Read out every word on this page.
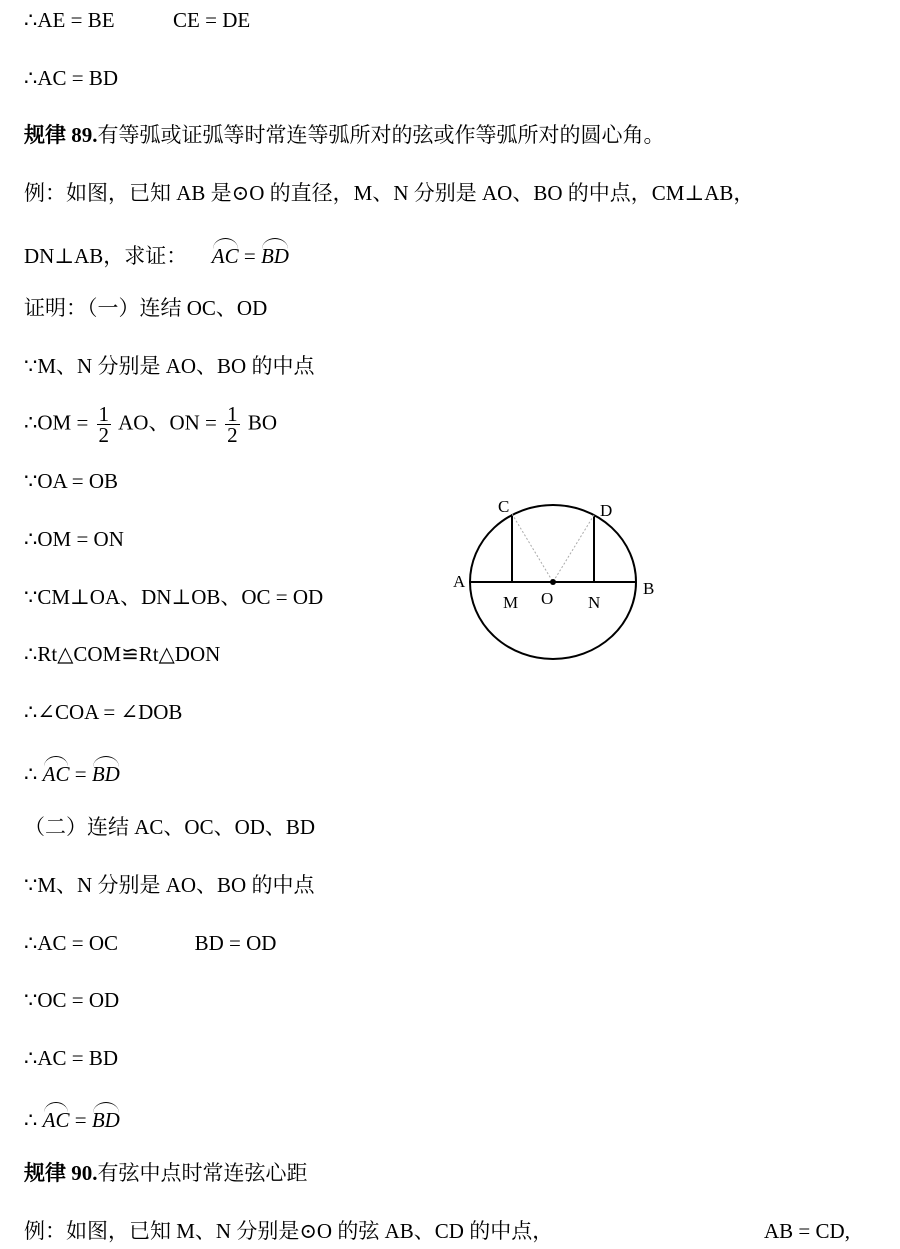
∴AE = BE	CE = DE
∴AC = BD
规律 89.有等弧或证弧等时常连等弧所对的弦或作等弧所对的圆心角。
例：如图，已知 AB 是⊙O 的直径，M、N 分别是 AO、BO 的中点，CM⊥AB，
DN⊥AB，求证： AC = BD
证明：（一）连结 OC、OD
∵M、N 分别是 AO、BO 的中点
∴OM = $\frac{1}{2}$ AO、ON = $\frac{1}{2}$ BO
∵OA = OB
∴OM = ON
∵CM⊥OA、DN⊥OB、OC = OD
∴Rt△COM≌Rt△DON
∴∠COA = ∠DOB
∴ AC = BD
（二）连结 AC、OC、OD、BD
∵M、N 分别是 AO、BO 的中点
∴AC = OC	BD = OD
∵OC = OD
∴AC = BD
∴ AC = BD
规律 90.有弦中点时常连弦心距
例：如图，已知 M、N 分别是⊙O 的弦 AB、CD 的中点，	AB = CD,
A	B
C	D
M O N
